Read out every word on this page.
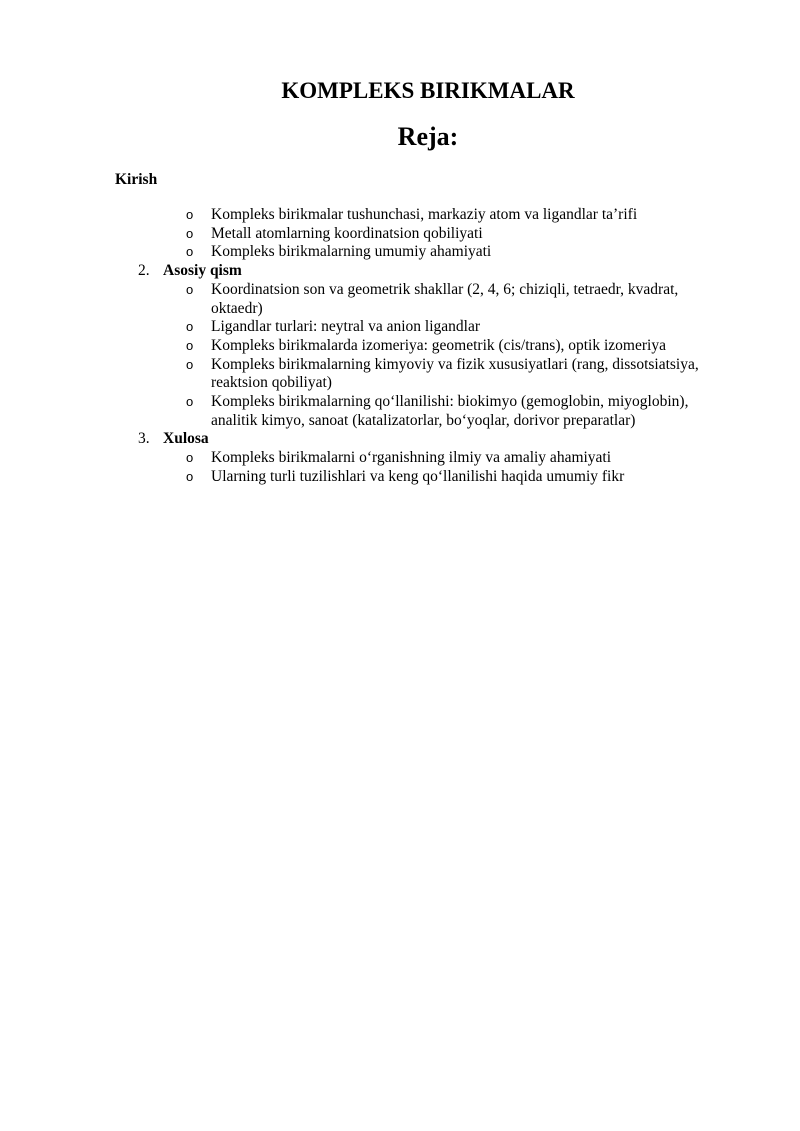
KOMPLEKS BIRIKMALAR
Reja:
Kirish
o Kompleks birikmalar tushunchasi, markaziy atom va ligandlar ta’rifi
o Metall atomlarning koordinatsion qobiliyati
o Kompleks birikmalarning umumiy ahamiyati
2. Asosiy qism
o Koordinatsion son va geometrik shakllar (2, 4, 6; chiziqli, tetraedr, kvadrat, oktaedr)
o Ligandlar turlari: neytral va anion ligandlar
o Kompleks birikmalarda izomeriya: geometrik (cis/trans), optik izomeriya
o Kompleks birikmalarning kimyoviy va fizik xususiyatlari (rang, dissotsiatsiya, reaktsion qobiliyat)
o Kompleks birikmalarning qo‘llanilishi: biokimyo (gemoglobin, miyoglobin), analitik kimyo, sanoat (katalizatorlar, bo‘yoqlar, dorivor preparatlar)
3. Xulosa
o Kompleks birikmalarni o‘rganishning ilmiy va amaliy ahamiyati
o Ularning turli tuzilishlari va keng qo‘llanilishi haqida umumiy fikr
